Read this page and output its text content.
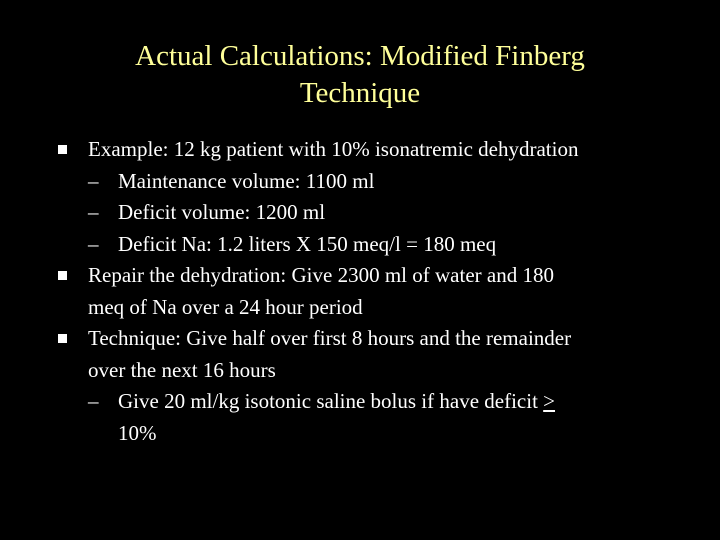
Actual Calculations: Modified Finberg
Technique
Example: 12 kg patient with 10% isonatremic dehydration
– Maintenance volume: 1100 ml
– Deficit volume: 1200 ml
– Deficit Na: 1.2 liters X 150 meq/l = 180 meq
Repair the dehydration: Give 2300 ml of water and 180
meq of Na over a 24 hour period
Technique: Give half over first 8 hours and the remainder
over the next 16 hours
– Give 20 ml/kg isotonic saline bolus if have deficit >
10%
